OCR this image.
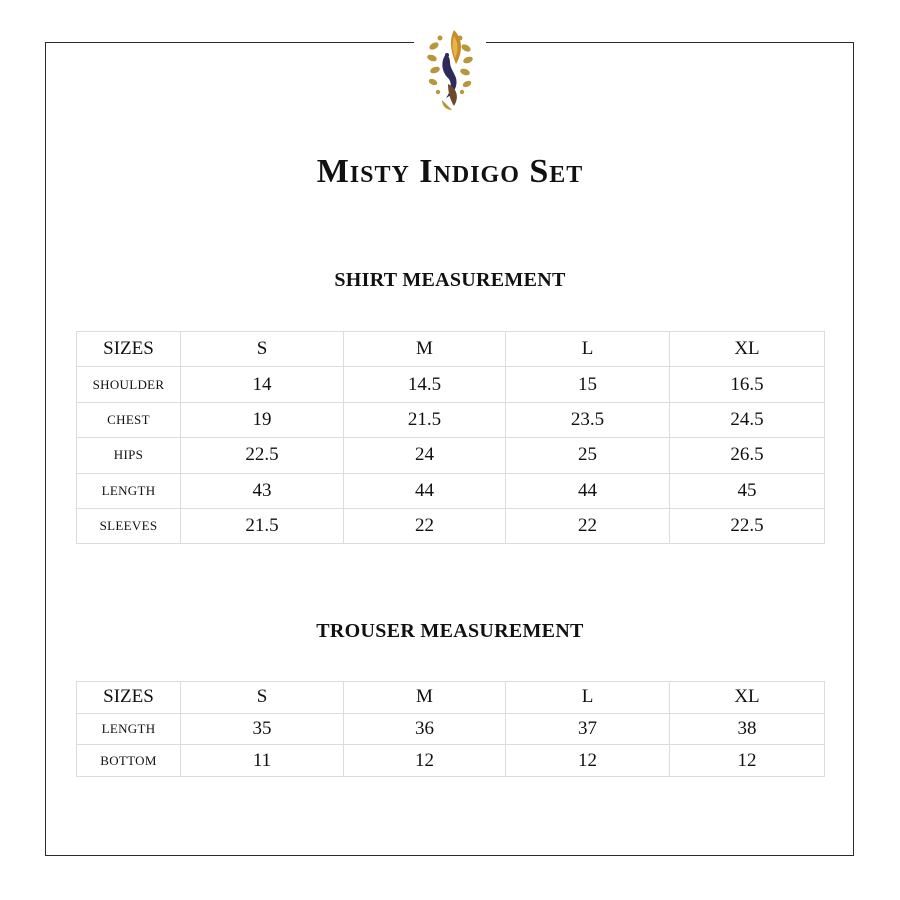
Misty Indigo Set
SHIRT MEASUREMENT
SIZES	S	M	L	XL
SHOULDER	14	14.5	15	16.5
CHEST	19	21.5	23.5	24.5
HIPS	22.5	24	25	26.5
LENGTH	43	44	44	45
SLEEVES	21.5	22	22	22.5
TROUSER MEASUREMENT
SIZES	S	M	L	XL
LENGTH	35	36	37	38
BOTTOM	11	12	12	12
